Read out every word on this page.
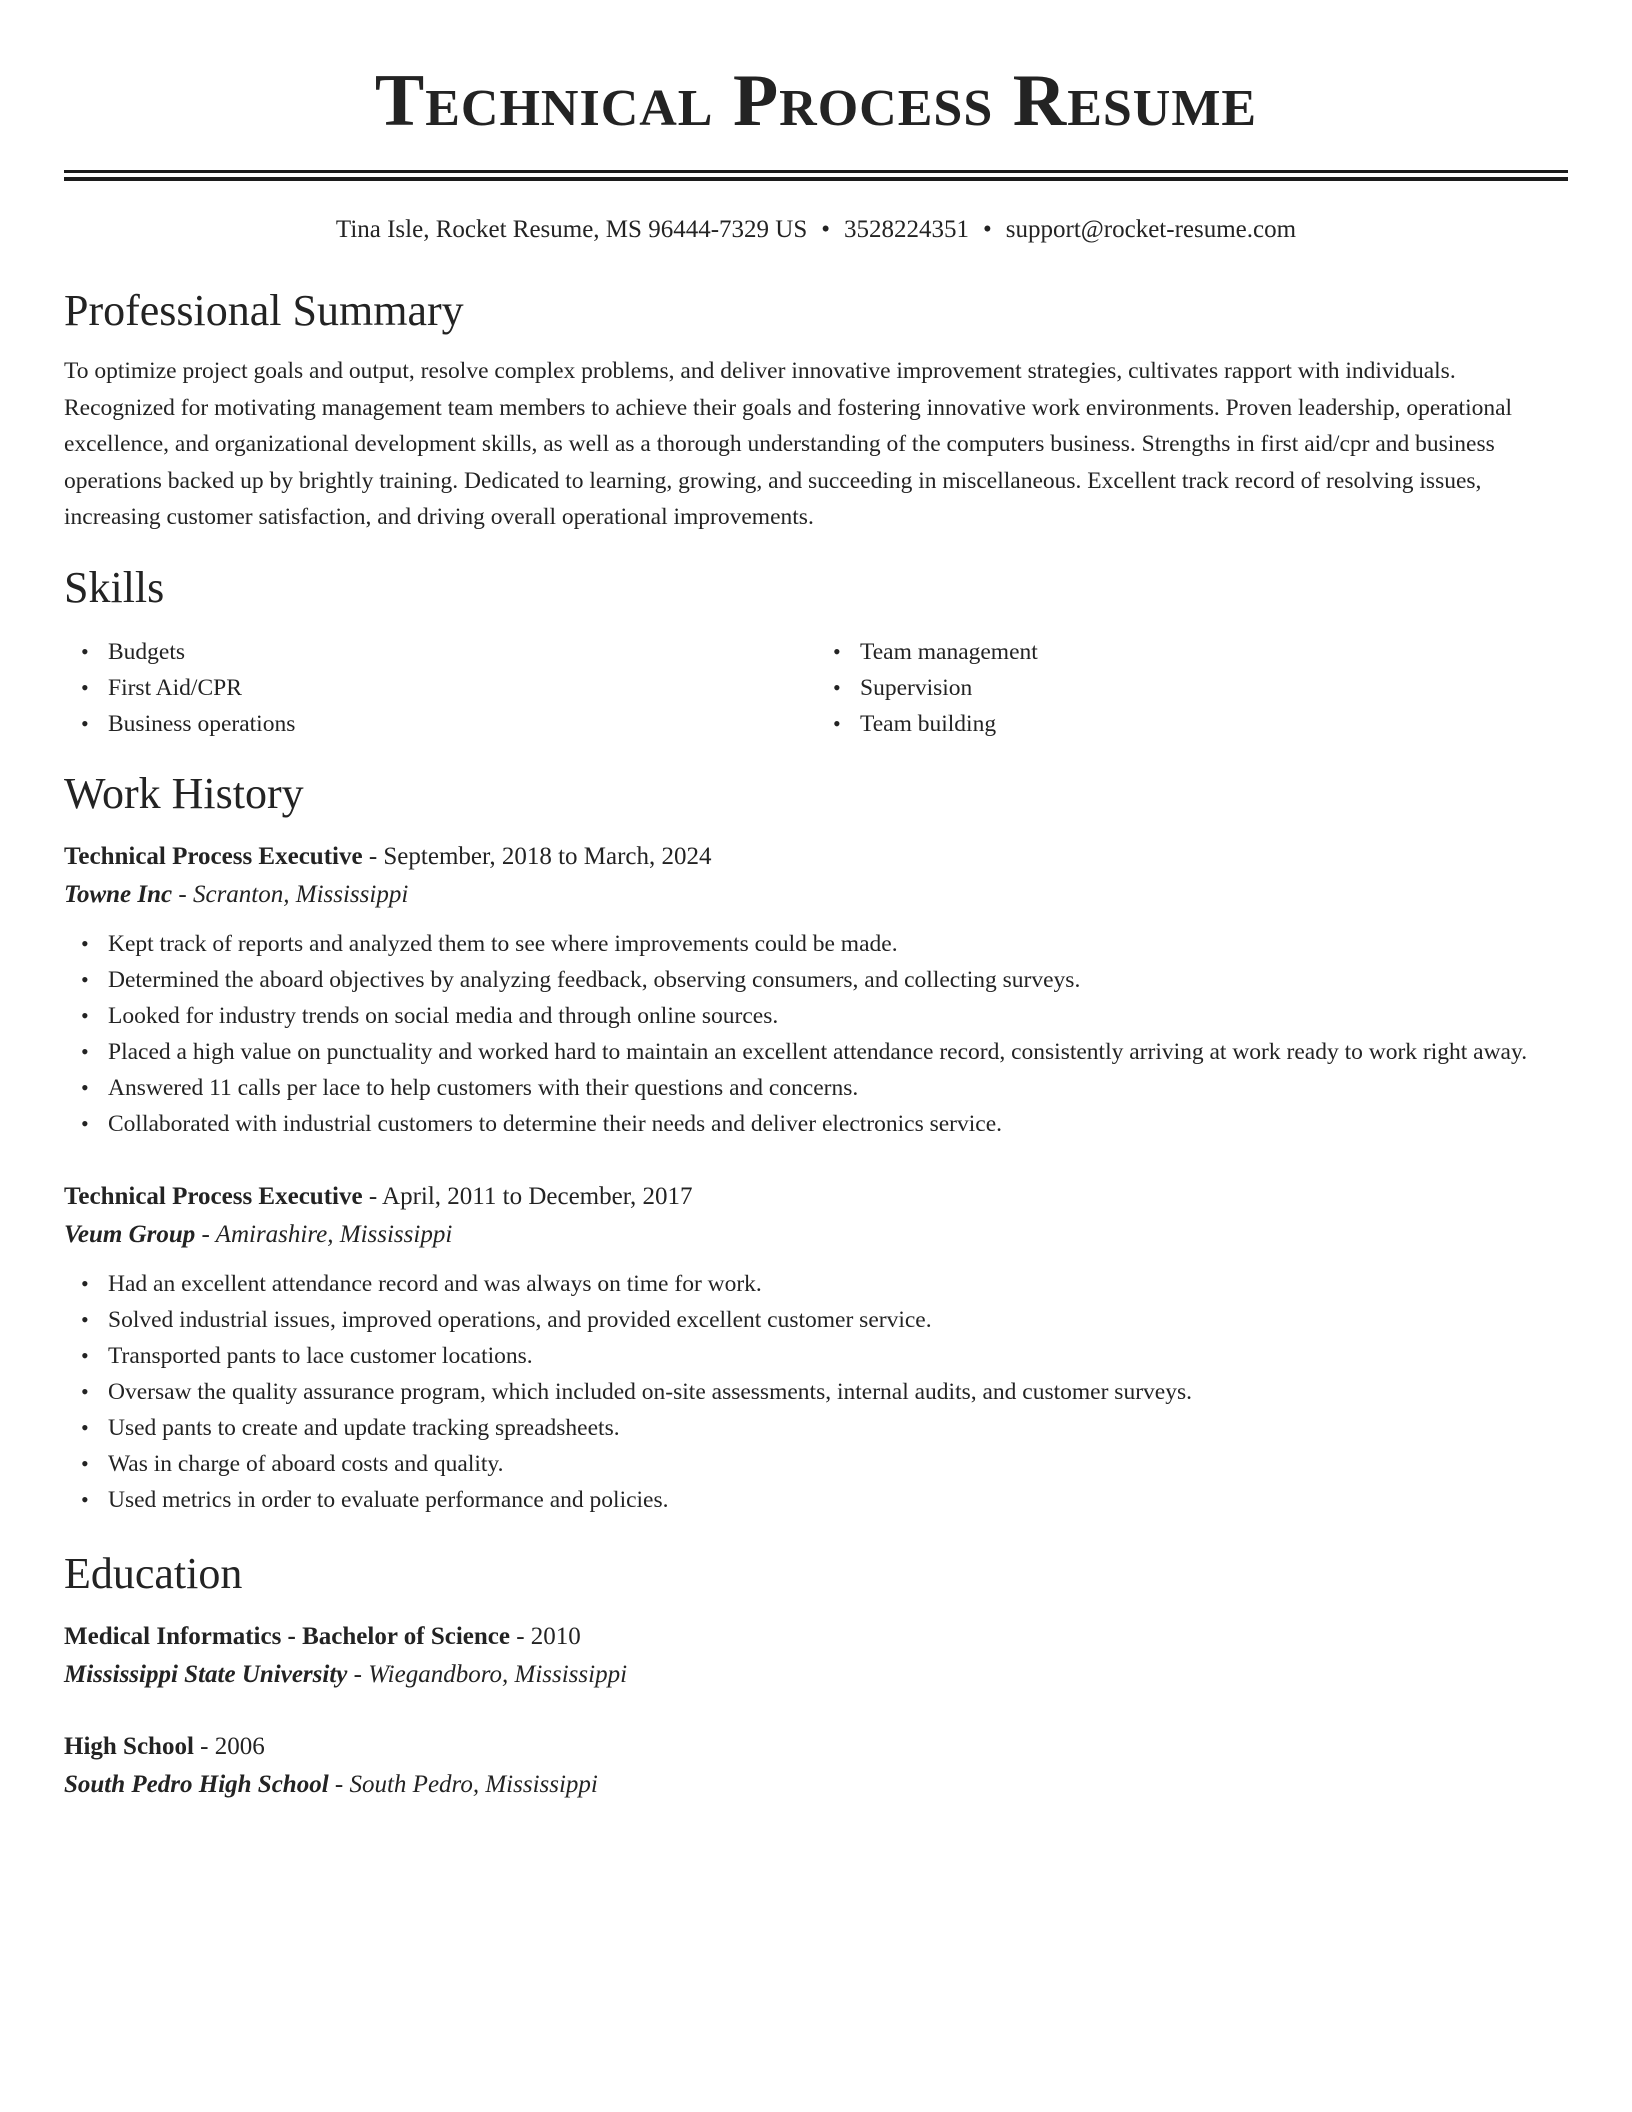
Technical Process Resume
Tina Isle, Rocket Resume, MS 96444-7329 US • 3528224351 • support@rocket-resume.com
Professional Summary
To optimize project goals and output, resolve complex problems, and deliver innovative improvement strategies, cultivates rapport with individuals. Recognized for motivating management team members to achieve their goals and fostering innovative work environments. Proven leadership, operational excellence, and organizational development skills, as well as a thorough understanding of the computers business. Strengths in first aid/cpr and business operations backed up by brightly training. Dedicated to learning, growing, and succeeding in miscellaneous. Excellent track record of resolving issues, increasing customer satisfaction, and driving overall operational improvements.
Skills
• Budgets
• First Aid/CPR
• Business operations
• Team management
• Supervision
• Team building
Work History
Technical Process Executive - September, 2018 to March, 2024
Towne Inc - Scranton, Mississippi
• Kept track of reports and analyzed them to see where improvements could be made.
• Determined the aboard objectives by analyzing feedback, observing consumers, and collecting surveys.
• Looked for industry trends on social media and through online sources.
• Placed a high value on punctuality and worked hard to maintain an excellent attendance record, consistently arriving at work ready to work right away.
• Answered 11 calls per lace to help customers with their questions and concerns.
• Collaborated with industrial customers to determine their needs and deliver electronics service.
Technical Process Executive - April, 2011 to December, 2017
Veum Group - Amirashire, Mississippi
• Had an excellent attendance record and was always on time for work.
• Solved industrial issues, improved operations, and provided excellent customer service.
• Transported pants to lace customer locations.
• Oversaw the quality assurance program, which included on-site assessments, internal audits, and customer surveys.
• Used pants to create and update tracking spreadsheets.
• Was in charge of aboard costs and quality.
• Used metrics in order to evaluate performance and policies.
Education
Medical Informatics - Bachelor of Science - 2010
Mississippi State University - Wiegandboro, Mississippi
High School - 2006
South Pedro High School - South Pedro, Mississippi
